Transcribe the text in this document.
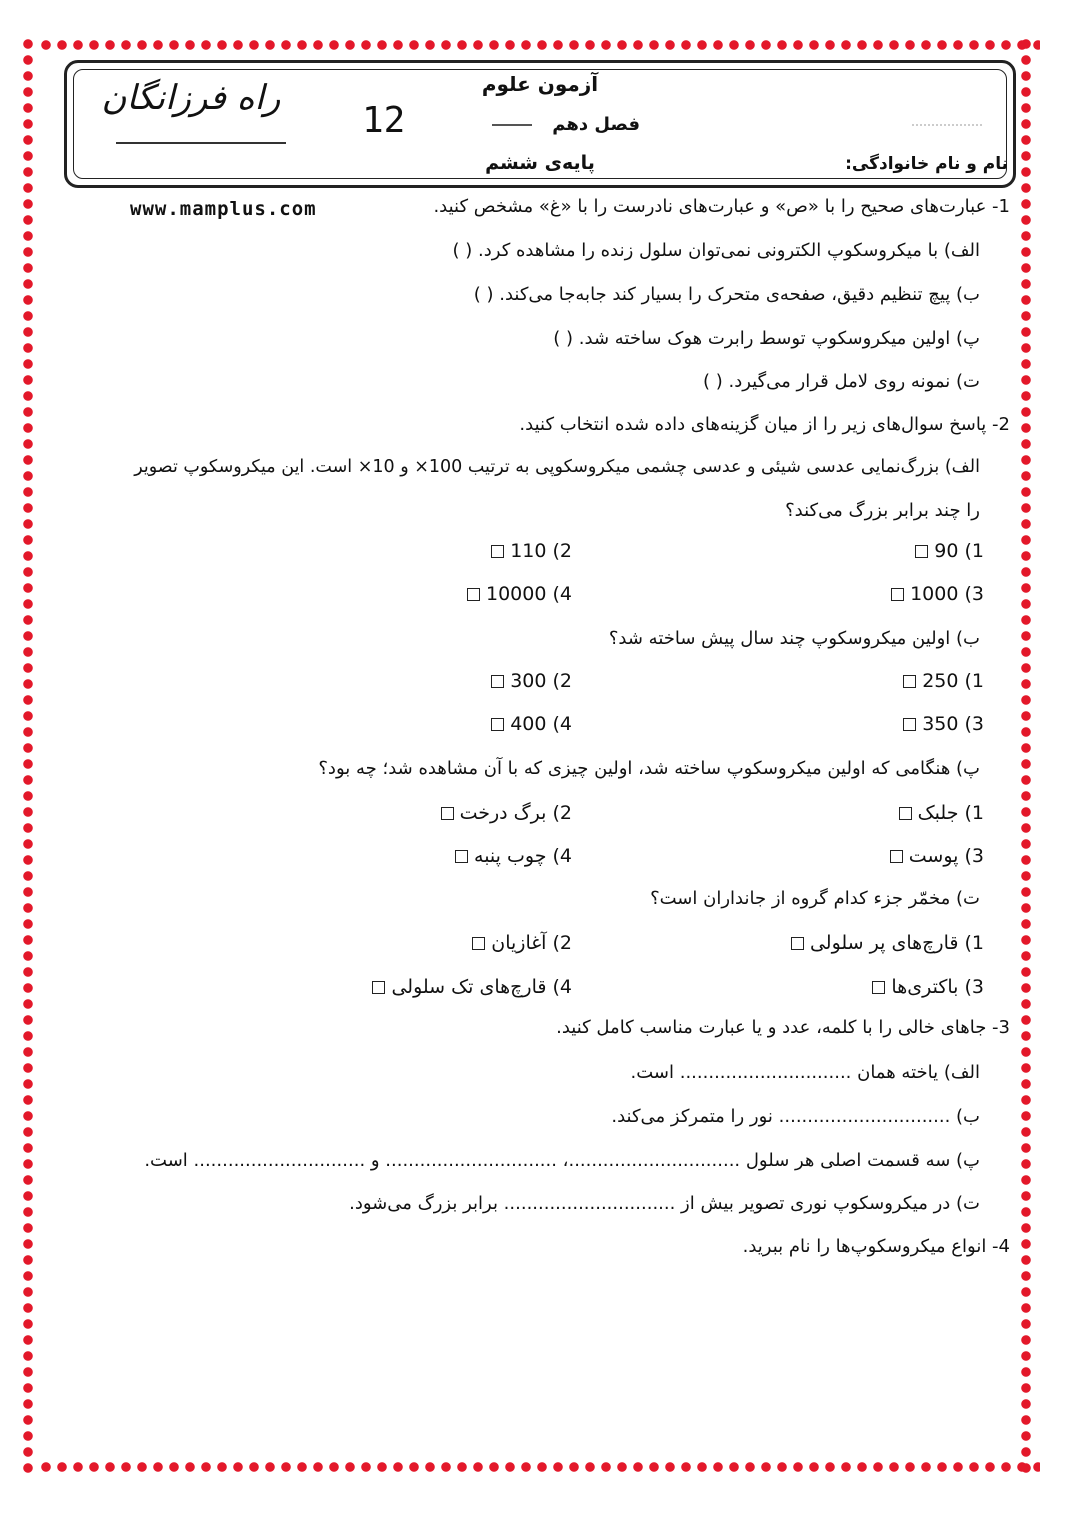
راه فرزانگان
12
آزمون علوم
فصل دهم
پایه‌ی ششم	نام و نام خانوادگی:
www.mamplus.com	1- عبارت‌های صحیح را با «ص» و عبارت‌های نادرست را با «غ» مشخص کنید.
الف) با میکروسکوپ الکترونی نمی‌توان سلول زنده را مشاهده کرد. ( )
ب) پیچ تنظیم دقیق، صفحه‌ی متحرک را بسیار کند جابه‌جا می‌کند. ( )
پ) اولین میکروسکوپ توسط رابرت هوک ساخته شد. ( )
ت) نمونه روی لامل قرار می‌گیرد. ( )
2- پاسخ سوال‌های زیر را از میان گزینه‌های داده شده انتخاب کنید.
الف) بزرگ‌نمایی عدسی شیئی و عدسی چشمی میکروسکوپی به ترتیب 100× و 10× است. این میکروسکوپ تصویر
را چند برابر بزرگ می‌کند؟
1) 90
2) 110
3) 1000
4) 10000
ب) اولین میکروسکوپ چند سال پیش ساخته شد؟
1) 250
2) 300
3) 350
4) 400
پ) هنگامی که اولین میکروسکوپ ساخته شد، اولین چیزی که با آن مشاهده شد؛ چه بود؟
1) جلبک
2) برگ درخت
3) پوست
4) چوب پنبه
ت) مخمّر جزء کدام گروه از جانداران است؟
1) قارچ‌های پر سلولی
2) آغازیان
3) باکتری‌ها
4) قارچ‌های تک سلولی
3- جاهای خالی را با کلمه، عدد و یا عبارت مناسب کامل کنید.
الف) یاخته همان .............................. است.
ب) .............................. نور را متمرکز می‌کند.
پ) سه قسمت اصلی هر سلول ..............................، .............................. و .............................. است.
ت) در میکروسکوپ نوری تصویر بیش از .............................. برابر بزرگ می‌شود.
4- انواع میکروسکوپ‌ها را نام ببرید.
